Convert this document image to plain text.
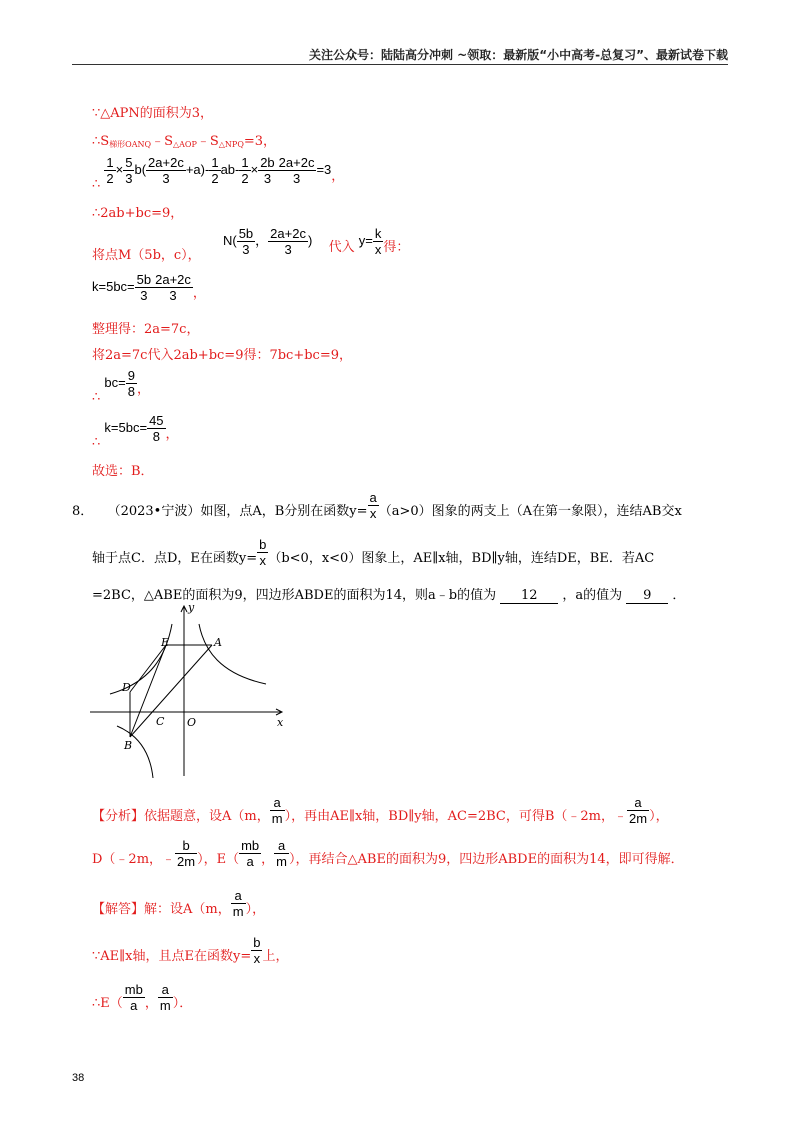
关注公众号：陆陆高分冲刺 ~领取：最新版“小中高考-总复习”、最新试卷下载
∵△APN的面积为3，
$\therefore S_{梯形OANQ}﹣S_{\triangle AOP}﹣S_{\triangle NPQ}=3$，
∴ $\frac{1}{2} \times \frac{5}{3} b( \frac{2a+2c}{3} +a)- \frac{1}{2} ab- \frac{1}{2} \times \frac{2b}{3} \frac{2a+2c}{3} =3$，
∴2ab+bc=9，
将点M（5b，c），  $N( \frac{5b}{3}$ ， $\frac{2a+2c}{3}$ ) 代入 $y= \frac{k}{x}$ 得：
$k=5bc= \frac{5b}{3} \frac{2a+2c}{3}$ ，
整理得：2a=7c，
将2a=7c代入2ab+bc=9得：7bc+bc=9，
∴ $bc= \frac{9}{8}$ ，
∴ $k=5bc= \frac{45}{8}$ ，
故选：B．
8． （2023•宁波）如图，点A，B分别在函数$y= \frac{a}{x} (a>0)$图象的两支上（A在第一象限），连结AB交x
轴于点C．点D，E在函数$y= \frac{b}{x} (b<0$，x<0）图象上，AE∥x轴，BD∥y轴，连结DE，BE．若AC
=2BC，△ABE的面积为9，四边形ABDE的面积为14，则a﹣b的值为 12 ，a的值为 9 ．
y
x
E	A
D
C O
B
【分析】依据题意，设A（m， $\frac{a}{m}$ ），再由AE∥x轴，BD∥y轴，AC=2BC，可得B（﹣2m，﹣ $\frac{a}{2m}$ ），
D（﹣2m，﹣ $\frac{b}{2m}$ ），$E( \frac{mb}{a}$ ， $\frac{a}{m}$ ），再结合△ABE的面积为9，四边形ABDE的面积为14，即可得解．
【解答】解：设A（m， $\frac{a}{m}$ ），
∵AE∥x轴，且点E在函数$y= \frac{b}{x}$ 上，
∴E（ $\frac{mb}{a}$ ， $\frac{a}{m}$ ）．
38
